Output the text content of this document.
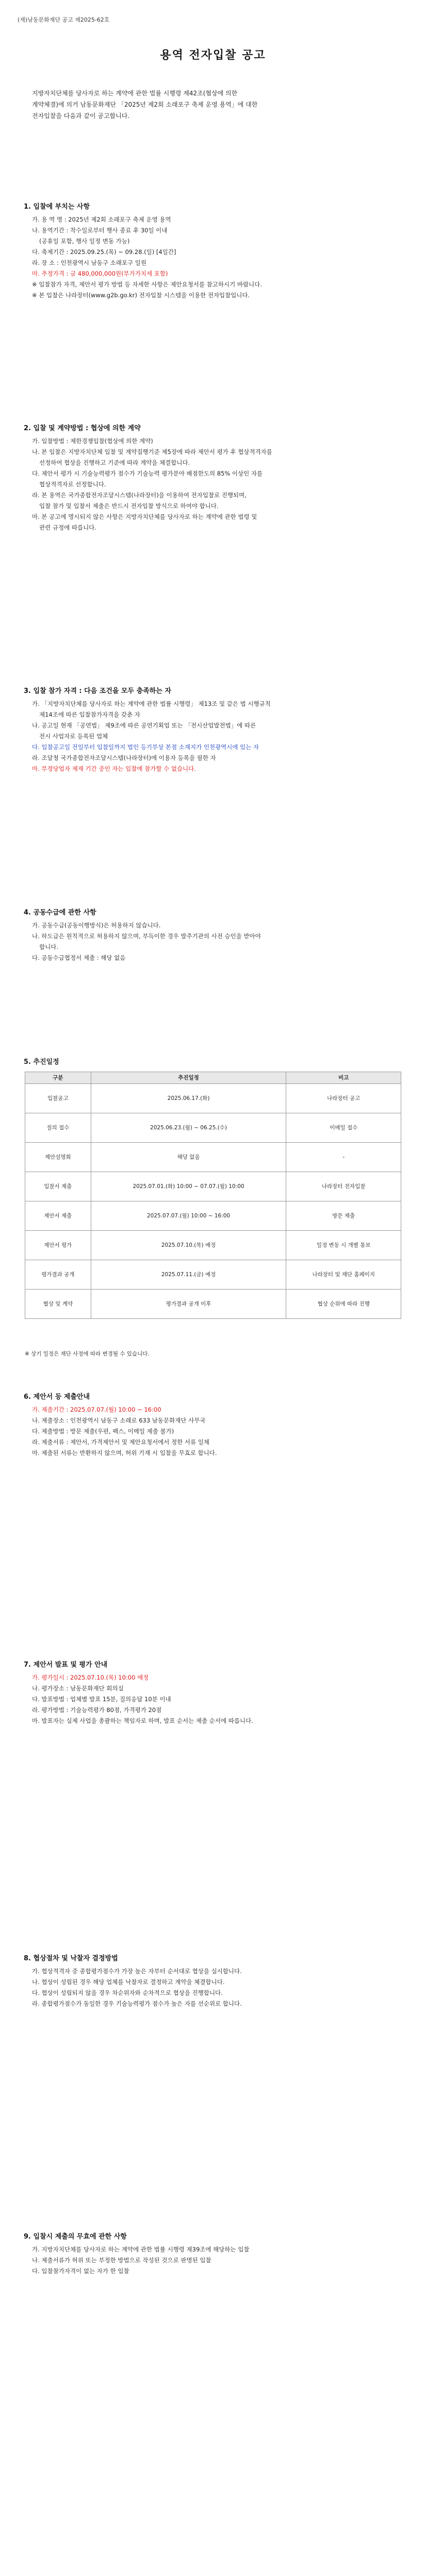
(재)남동문화재단 공고 제2025-62호
용역 전자입찰 공고
지방자치단체를 당사자로 하는 계약에 관한 법률 시행령 제42조(협상에 의한
계약체결)에 의거 남동문화재단 「2025년 제2회 소래포구 축제 운영 용역」에 대한
전자입찰을 다음과 같이 공고합니다.
1. 입찰에 부치는 사항
가. 용 역 명 : 2025년 제2회 소래포구 축제 운영 용역
나. 용역기간 : 착수일로부터 행사 종료 후 30일 이내
(공휴일 포함, 행사 일정 변동 가능)
다. 축제기간 : 2025.09.25.(목) ~ 09.28.(일) [4일간]
라. 장 소 : 인천광역시 남동구 소래포구 일원
마. 추정가격 : 금 480,000,000원(부가가치세 포함)
※ 입찰참가 자격, 제안서 평가 방법 등 자세한 사항은 제안요청서를 참고하시기 바랍니다.
※ 본 입찰은 나라장터(www.g2b.go.kr) 전자입찰 시스템을 이용한 전자입찰입니다.
2. 입찰 및 계약방법 : 협상에 의한 계약
가. 입찰방법 : 제한경쟁입찰(협상에 의한 계약)
나. 본 입찰은 지방자치단체 입찰 및 계약집행기준 제5장에 따라 제안서 평가 후 협상적격자를
선정하여 협상을 진행하고 기준에 따라 계약을 체결합니다.
다. 제안서 평가 시 기술능력평가 점수가 기술능력 평가분야 배점한도의 85% 이상인 자를
협상적격자로 선정합니다.
라. 본 용역은 국가종합전자조달시스템(나라장터)을 이용하여 전자입찰로 진행되며,
입찰 참가 및 입찰서 제출은 반드시 전자입찰 방식으로 하여야 합니다.
마. 본 공고에 명시되지 않은 사항은 지방자치단체를 당사자로 하는 계약에 관한 법령 및
관련 규정에 따릅니다.
3. 입찰 참가 자격 : 다음 조건을 모두 충족하는 자
가. 「지방자치단체를 당사자로 하는 계약에 관한 법률 시행령」 제13조 및 같은 법 시행규칙
제14조에 따른 입찰참가자격을 갖춘 자
나. 공고일 현재 「공연법」 제9조에 따른 공연기획업 또는 「전시산업발전법」에 따른
전시 사업자로 등록된 업체
다. 입찰공고일 전일부터 입찰일까지 법인 등기부상 본점 소재지가 인천광역시에 있는 자
라. 조달청 국가종합전자조달시스템(나라장터)에 이용자 등록을 필한 자
마. 부정당업자 제재 기간 중인 자는 입찰에 참가할 수 없습니다.
4. 공동수급에 관한 사항
가. 공동수급(공동이행방식)은 허용하지 않습니다.
나. 하도급은 원칙적으로 허용하지 않으며, 부득이한 경우 발주기관의 사전 승인을 받아야
합니다.
다. 공동수급협정서 제출 : 해당 없음
5. 추진일정
구분	추진일정	비고
입찰공고	2025.06.17.(화)	나라장터 공고
질의 접수	2025.06.23.(월) ~ 06.25.(수)	이메일 접수
제안설명회	해당 없음	-
입찰서 제출	2025.07.01.(화) 10:00 ~ 07.07.(월) 10:00	나라장터 전자입찰
제안서 제출	2025.07.07.(월) 10:00 ~ 16:00	방문 제출
제안서 평가	2025.07.10.(목) 예정	일정 변동 시 개별 통보
평가결과 공개	2025.07.11.(금) 예정	나라장터 및 재단 홈페이지
협상 및 계약	평가결과 공개 이후	협상 순위에 따라 진행
※ 상기 일정은 재단 사정에 따라 변경될 수 있습니다.
6. 제안서 등 제출안내
가. 제출기간 : 2025.07.07.(월) 10:00 ~ 16:00
나. 제출장소 : 인천광역시 남동구 소래로 633 남동문화재단 사무국
다. 제출방법 : 방문 제출(우편, 팩스, 이메일 제출 불가)
라. 제출서류 : 제안서, 가격제안서 및 제안요청서에서 정한 서류 일체
마. 제출된 서류는 반환하지 않으며, 허위 기재 시 입찰을 무효로 합니다.
7. 제안서 발표 및 평가 안내
가. 평가일시 : 2025.07.10.(목) 10:00 예정
나. 평가장소 : 남동문화재단 회의실
다. 발표방법 : 업체별 발표 15분, 질의응답 10분 이내
라. 평가방법 : 기술능력평가 80점, 가격평가 20점
마. 발표자는 실제 사업을 총괄하는 책임자로 하며, 발표 순서는 제출 순서에 따릅니다.
8. 협상절차 및 낙찰자 결정방법
가. 협상적격자 중 종합평가점수가 가장 높은 자부터 순서대로 협상을 실시합니다.
나. 협상이 성립된 경우 해당 업체를 낙찰자로 결정하고 계약을 체결합니다.
다. 협상이 성립되지 않을 경우 차순위자와 순차적으로 협상을 진행합니다.
라. 종합평가점수가 동일한 경우 기술능력평가 점수가 높은 자를 선순위로 합니다.
9. 입찰시 제출의 무효에 관한 사항
가. 지방자치단체를 당사자로 하는 계약에 관한 법률 시행령 제39조에 해당하는 입찰
나. 제출서류가 허위 또는 부정한 방법으로 작성된 것으로 판명된 입찰
다. 입찰참가자격이 없는 자가 한 입찰
